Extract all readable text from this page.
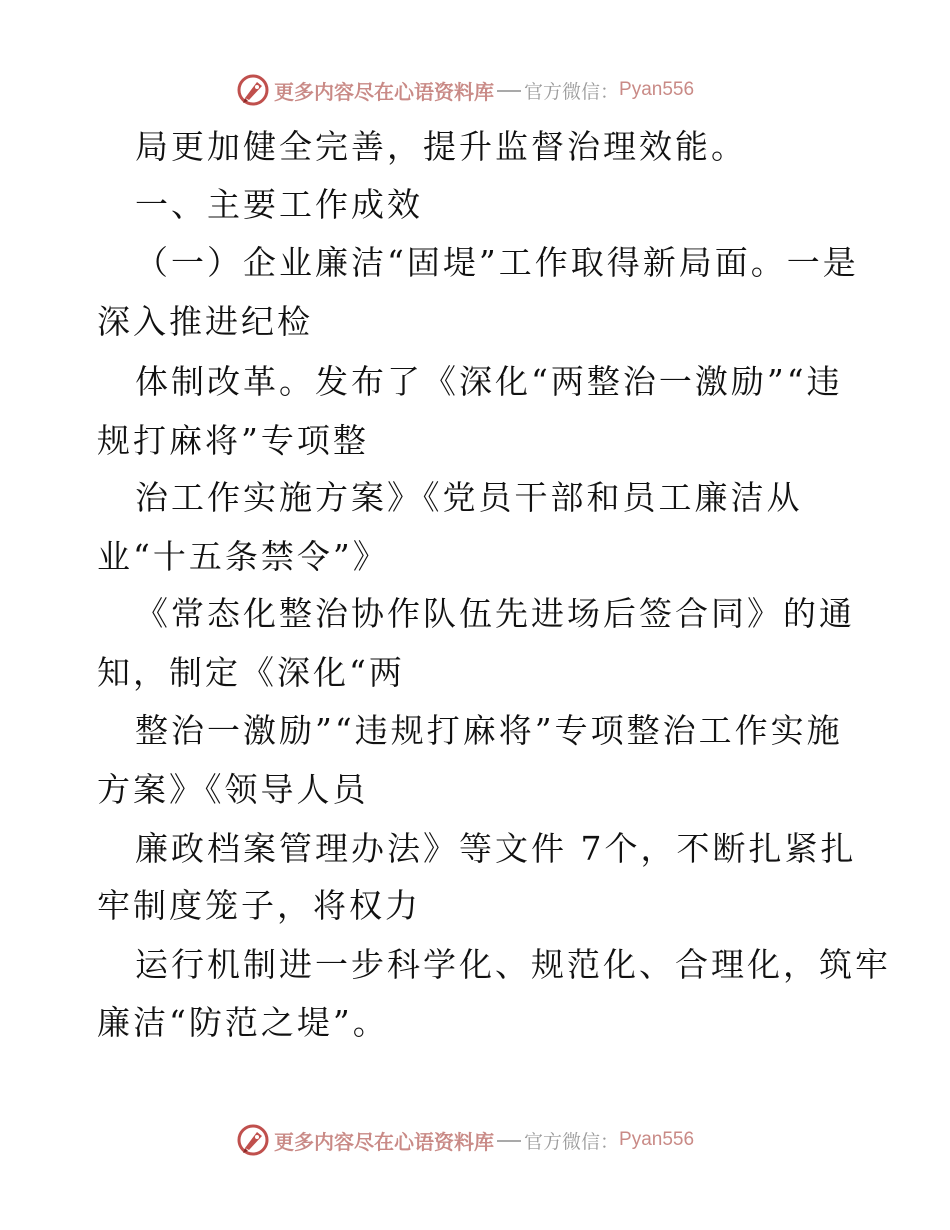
更多内容尽在心语资料库 官方微信： Pyan556
局更加健全完善，提升监督治理效能。
一、主要工作成效
（一）企业廉洁“固堤”工作取得新局面。一是
深入推进纪检
体制改革。发布了《深化“两整治一激励”“违
规打麻将”专项整
治工作实施方案》《党员干部和员工廉洁从
业“十五条禁令”》
《常态化整治协作队伍先进场后签合同》的通
知，制定《深化“两
整治一激励”“违规打麻将”专项整治工作实施
方案》《领导人员
廉政档案管理办法》等文件 7个，不断扎紧扎
牢制度笼子，将权力
运行机制进一步科学化、规范化、合理化，筑牢
廉洁“防范之堤”。
更多内容尽在心语资料库 官方微信： Pyan556
